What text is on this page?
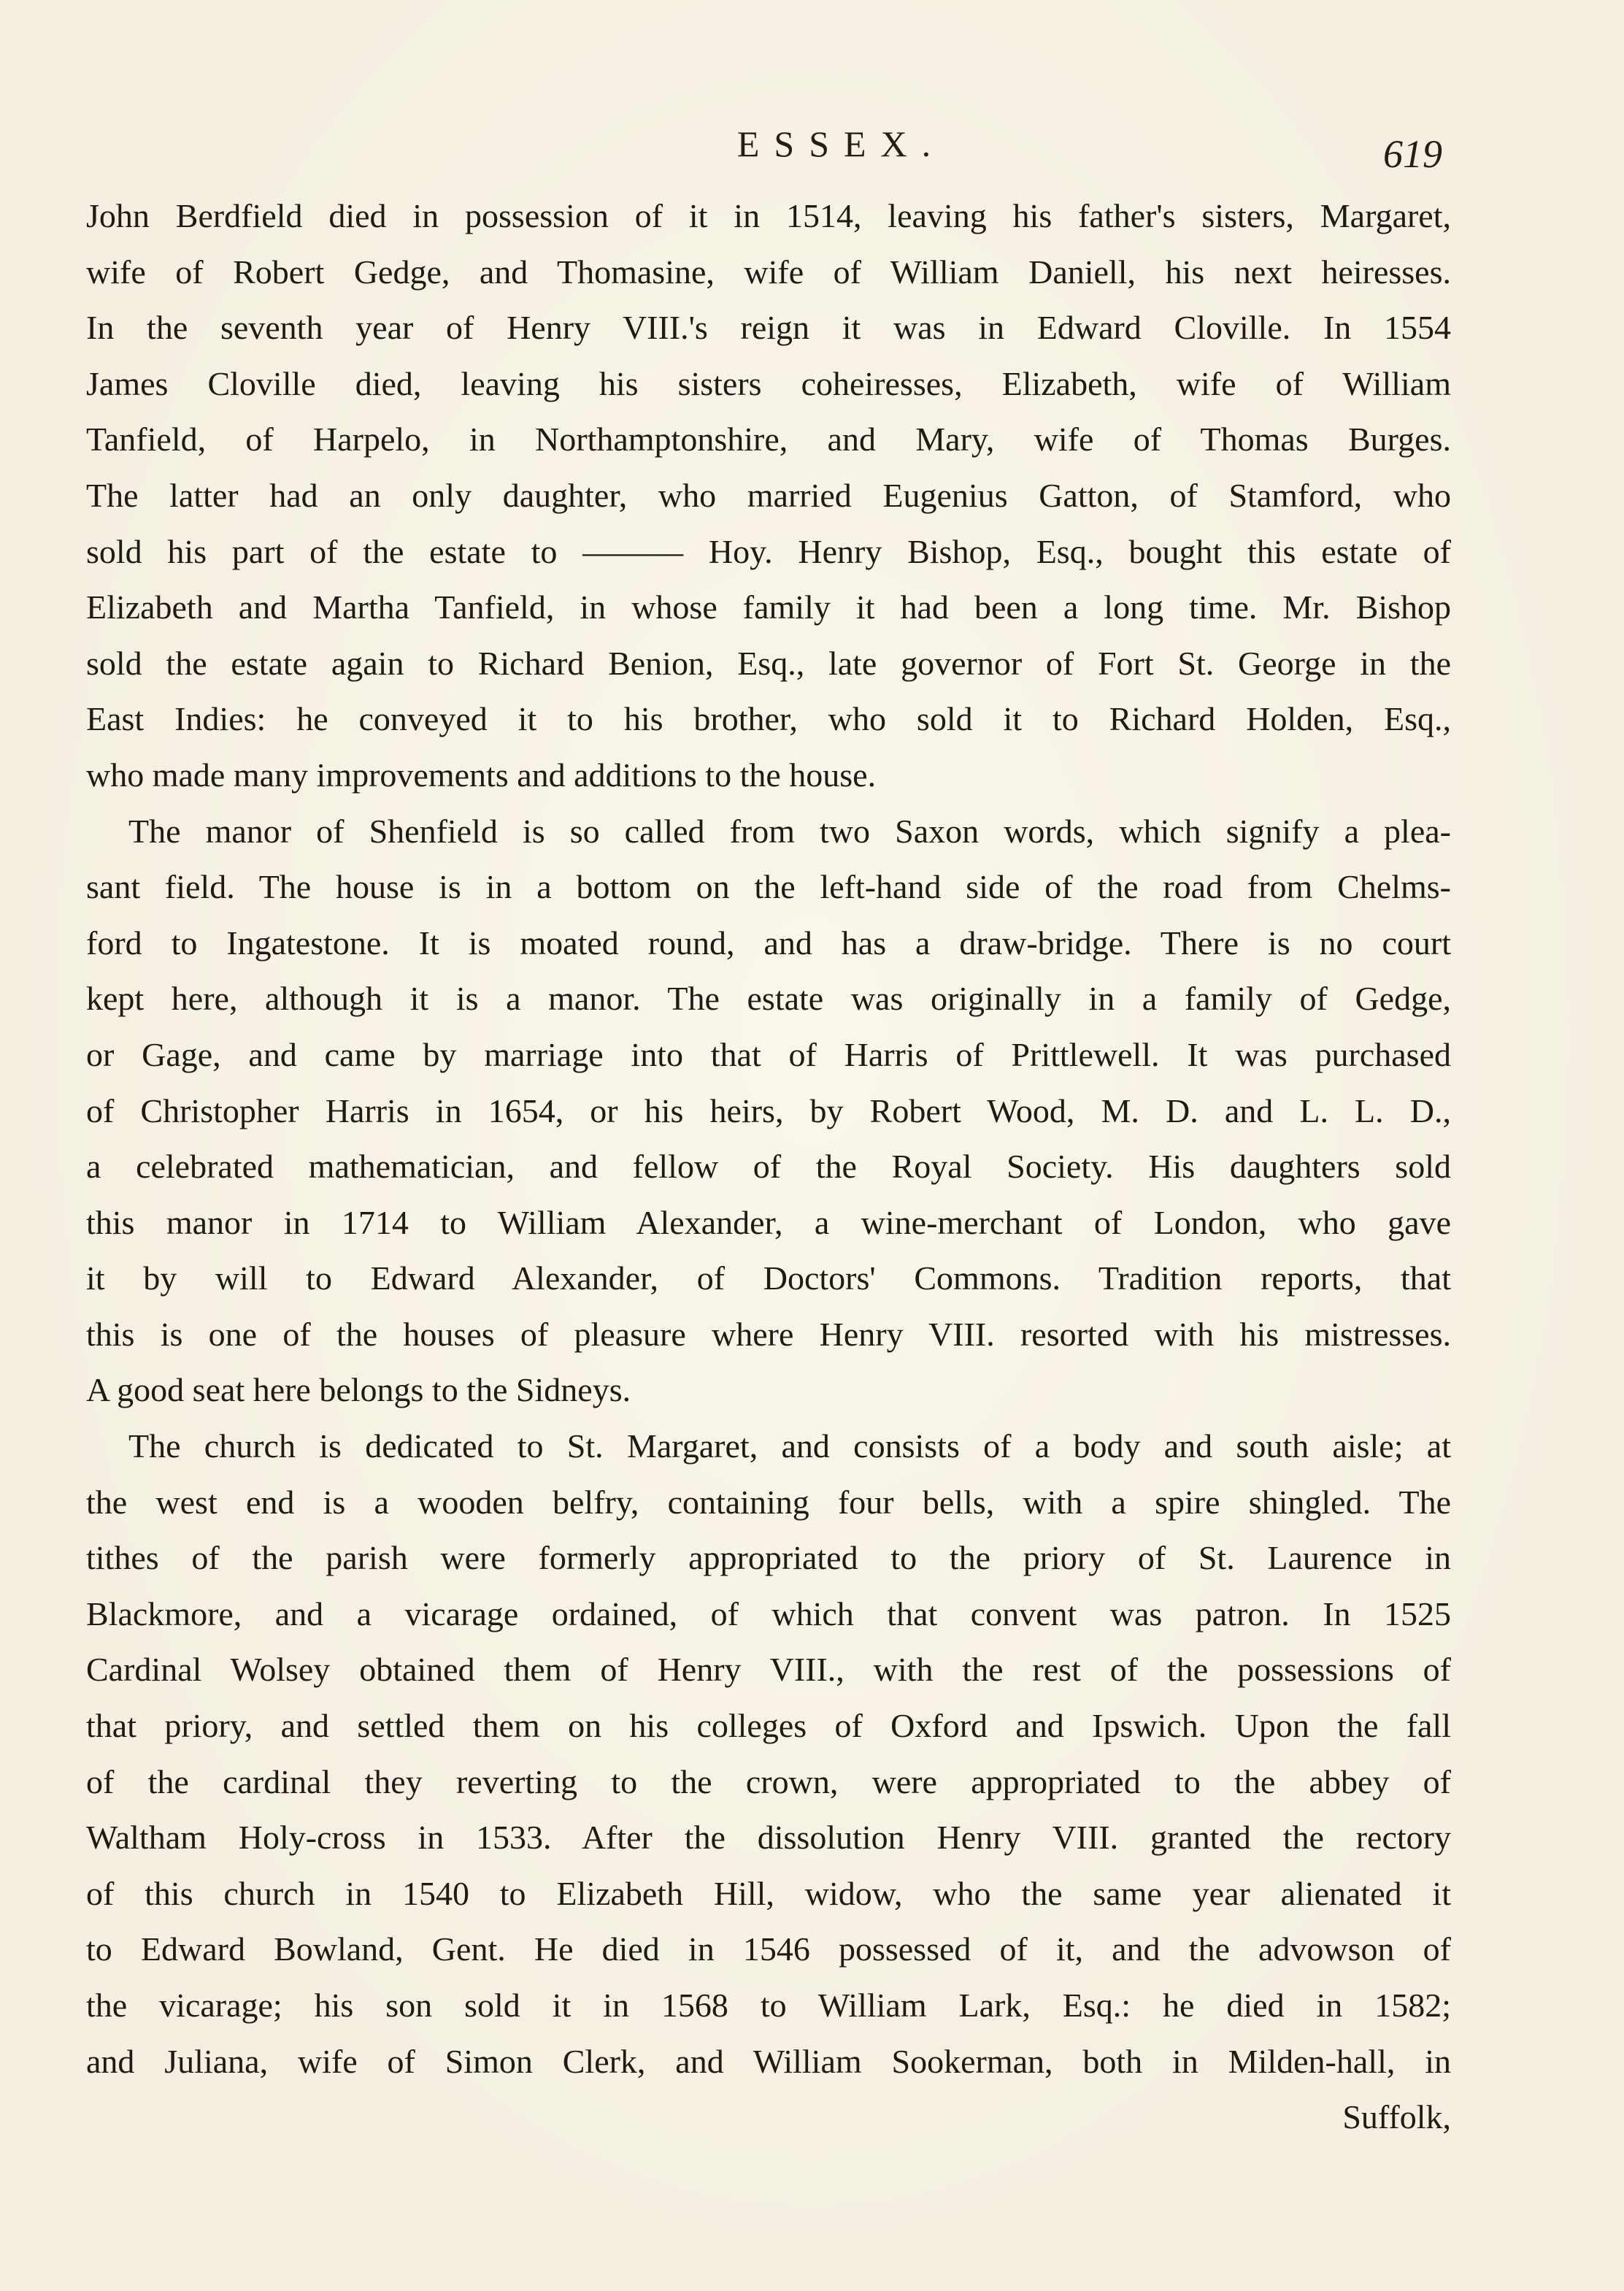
ESSEX.	619
John Berdfield died in possession of it in 1514, leaving his father's sisters, Margaret,
wife of Robert Gedge, and Thomasine, wife of William Daniell, his next heiresses.
In the seventh year of Henry VIII.'s reign it was in Edward Cloville. In 1554
James Cloville died, leaving his sisters coheiresses, Elizabeth, wife of William
Tanfield, of Harpelo, in Northamptonshire, and Mary, wife of Thomas Burges.
The latter had an only daughter, who married Eugenius Gatton, of Stamford, who
sold his part of the estate to ——— Hoy. Henry Bishop, Esq., bought this estate of
Elizabeth and Martha Tanfield, in whose family it had been a long time. Mr. Bishop
sold the estate again to Richard Benion, Esq., late governor of Fort St. George in the
East Indies: he conveyed it to his brother, who sold it to Richard Holden, Esq.,
who made many improvements and additions to the house.
The manor of Shenfield is so called from two Saxon words, which signify a plea-
sant field. The house is in a bottom on the left-hand side of the road from Chelms-
ford to Ingatestone. It is moated round, and has a draw-bridge. There is no court
kept here, although it is a manor. The estate was originally in a family of Gedge,
or Gage, and came by marriage into that of Harris of Prittlewell. It was purchased
of Christopher Harris in 1654, or his heirs, by Robert Wood, M. D. and L. L. D.,
a celebrated mathematician, and fellow of the Royal Society. His daughters sold
this manor in 1714 to William Alexander, a wine-merchant of London, who gave
it by will to Edward Alexander, of Doctors' Commons. Tradition reports, that
this is one of the houses of pleasure where Henry VIII. resorted with his mistresses.
A good seat here belongs to the Sidneys.
The church is dedicated to St. Margaret, and consists of a body and south aisle; at
the west end is a wooden belfry, containing four bells, with a spire shingled. The
tithes of the parish were formerly appropriated to the priory of St. Laurence in
Blackmore, and a vicarage ordained, of which that convent was patron. In 1525
Cardinal Wolsey obtained them of Henry VIII., with the rest of the possessions of
that priory, and settled them on his colleges of Oxford and Ipswich. Upon the fall
of the cardinal they reverting to the crown, were appropriated to the abbey of
Waltham Holy-cross in 1533. After the dissolution Henry VIII. granted the rectory
of this church in 1540 to Elizabeth Hill, widow, who the same year alienated it
to Edward Bowland, Gent. He died in 1546 possessed of it, and the advowson of
the vicarage; his son sold it in 1568 to William Lark, Esq.: he died in 1582;
and Juliana, wife of Simon Clerk, and William Sookerman, both in Milden-hall, in
Suffolk,
